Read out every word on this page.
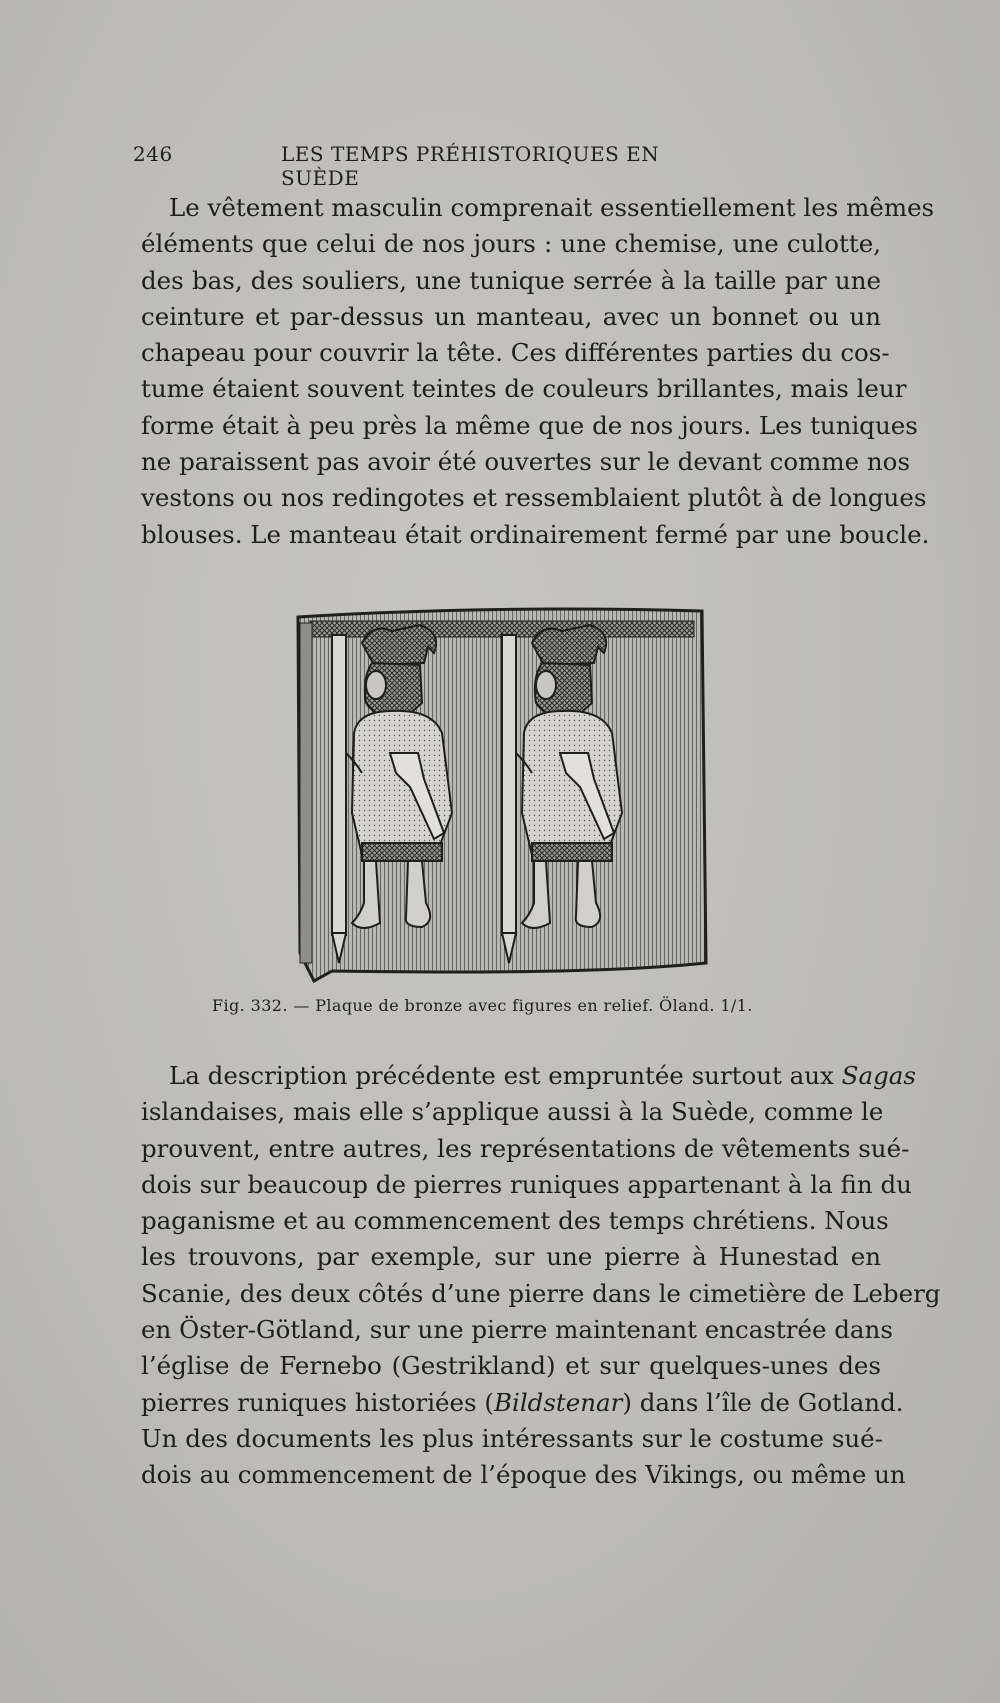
246	LES TEMPS PRÉHISTORIQUES EN SUÈDE
Le vêtement masculin comprenait essentiellement les mêmes
éléments que celui de nos jours : une chemise, une culotte,
des bas, des souliers, une tunique serrée à la taille par une
ceinture et par-dessus un manteau, avec un bonnet ou un
chapeau pour couvrir la tête. Ces différentes parties du cos-
tume étaient souvent teintes de couleurs brillantes, mais leur
forme était à peu près la même que de nos jours. Les tuniques
ne paraissent pas avoir été ouvertes sur le devant comme nos
vestons ou nos redingotes et ressemblaient plutôt à de longues
blouses. Le manteau était ordinairement fermé par une boucle.
Fig. 332. — Plaque de bronze avec figures en relief. Öland. 1/1.
La description précédente est empruntée surtout aux Sagas
islandaises, mais elle s’applique aussi à la Suède, comme le
prouvent, entre autres, les représentations de vêtements sué-
dois sur beaucoup de pierres runiques appartenant à la fin du
paganisme et au commencement des temps chrétiens. Nous
les trouvons, par exemple, sur une pierre à Hunestad en
Scanie, des deux côtés d’une pierre dans le cimetière de Leberg
en Öster-Götland, sur une pierre maintenant encastrée dans
l’église de Fernebo (Gestrikland) et sur quelques-unes des
pierres runiques historiées (Bildstenar) dans l’île de Gotland.
Un des documents les plus intéressants sur le costume sué-
dois au commencement de l’époque des Vikings, ou même un
